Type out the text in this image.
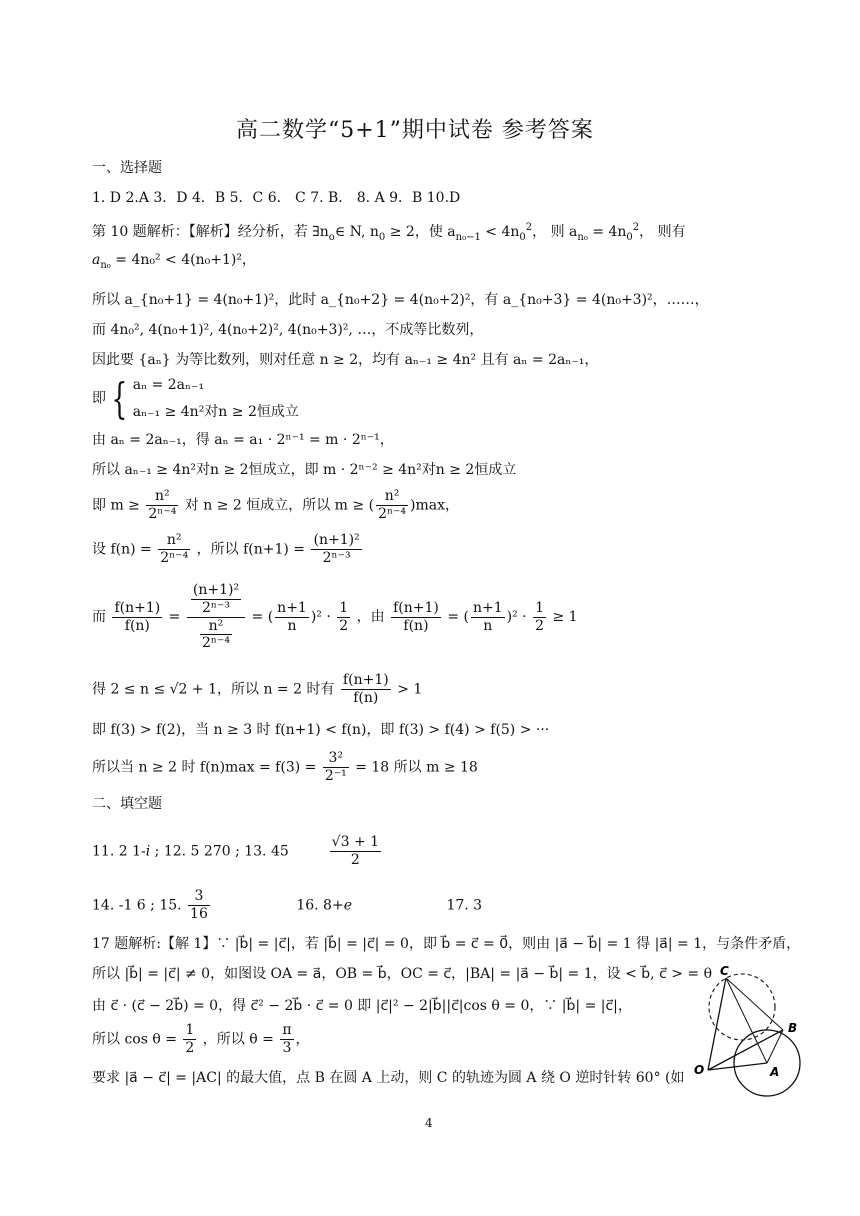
高二数学“5+1”期中试卷 参考答案
一、选择题
1. D 2.A 3．D 4．B 5．C 6． C 7. B． 8. A 9．B 10.D
第 10 题解析：【解析】经分析，若 $\exists n_o\in$ N, $n_0 \ge 2$，使 $a_{n_0-1} < 4n_0^2$， 则 $a_{n_0} = 4n_0^2$， 则有
$a_{n_0} = 4n_0^2 < 4(n_0+1)^2$，
所以 a_{n₀+1} = 4(n₀+1)²，此时 a_{n₀+2} = 4(n₀+2)²，有 a_{n₀+3} = 4(n₀+3)²，……，
而 4n₀², 4(n₀+1)², 4(n₀+2)², 4(n₀+3)², …，不成等比数列，
因此要 {aₙ} 为等比数列，则对任意 n ≥ 2，均有 aₙ₋₁ ≥ 4n² 且有 aₙ = 2aₙ₋₁，
即 { aₙ = 2aₙ₋₁
aₙ₋₁ ≥ 4n²对n ≥ 2恒成立
由 aₙ = 2aₙ₋₁，得 aₙ = a₁ · 2ⁿ⁻¹ = m · 2ⁿ⁻¹，
所以 aₙ₋₁ ≥ 4n²对n ≥ 2恒成立，即 m · 2ⁿ⁻² ≥ 4n²对n ≥ 2恒成立
即 $m \ge \frac{\text{n²}}{\text{2ⁿ⁻⁴}}$ 对 n ≥ 2 恒成立，所以 m ≥ ( $\frac{\text{n²}}{\text{2ⁿ⁻⁴}} )\max$，
设 $f(n) = \frac{\text{n²}}{\text{2ⁿ⁻⁴}}$ ，所以 $f(n+1) = \frac{\text{(n+1)²}}{\text{2ⁿ⁻³}}$
而 $\frac{f(n+1)}{f(n)} = \frac{\frac{\text{(n+1)²}}{\text{2ⁿ⁻³}}}{\frac{\text{n²}}{\text{2ⁿ⁻⁴}}}$ = ( $\frac{n+1}{n} )^2 \cdot \frac{1}{2}$ ，由 $\frac{f(n+1)}{f(n)}$ = ( $\frac{n+1}{n} )^2 \cdot \frac{1}{2} \ge 1$
得 2 ≤ n ≤ √2 + 1，所以 n = 2 时有 $\frac{f(n+1)}{f(n)} > 1$
即 f(3) > f(2)，当 n ≥ 3 时 f(n+1) < f(n)，即 f(3) > f(4) > f(5) > ···
所以当 n ≥ 2 时 $f(n)\max = f(3) = \frac{\text{3²}}{\text{2⁻¹}} = 18$ 所以 m ≥ 18
二、填空题
11. 2 1-i ; 12. 5 270 ; 13. 45	$\frac{√3 + 1}{2}$
14. -1 6 ; 15. $\frac{3}{16}$	16. 8+e	17. 3
17 题解析:【解 1】∵ |b⃗| = |c⃗|，若 |b⃗| = |c⃗| = 0，即 b⃗ = c⃗ = 0⃗，则由 |a⃗ − b⃗| = 1 得 |a⃗| = 1，与条件矛盾，
所以 |b⃗| = |c⃗| ≠ 0，如图设 OA = a⃗，OB = b⃗，OC = c⃗，|BA| = |a⃗ − b⃗| = 1，设 < b⃗, c⃗ > = θ
由 c⃗ · (c⃗ − 2b⃗) = 0，得 c⃗² − 2b⃗ · c⃗ = 0 即 |c⃗|² − 2|b⃗||c⃗|cos θ = 0，∵ |b⃗| = |c⃗|，
所以 $\cos \theta = \frac{1}{2}$ ，所以 $\theta = \frac{\pi}{3}$ ，
要求 |a⃗ − c⃗| = |AC| 的最大值，点 B 在圆 A 上动，则 C 的轨迹为圆 A 绕 O 逆时针转 60° (如
C
B
O	A
4
